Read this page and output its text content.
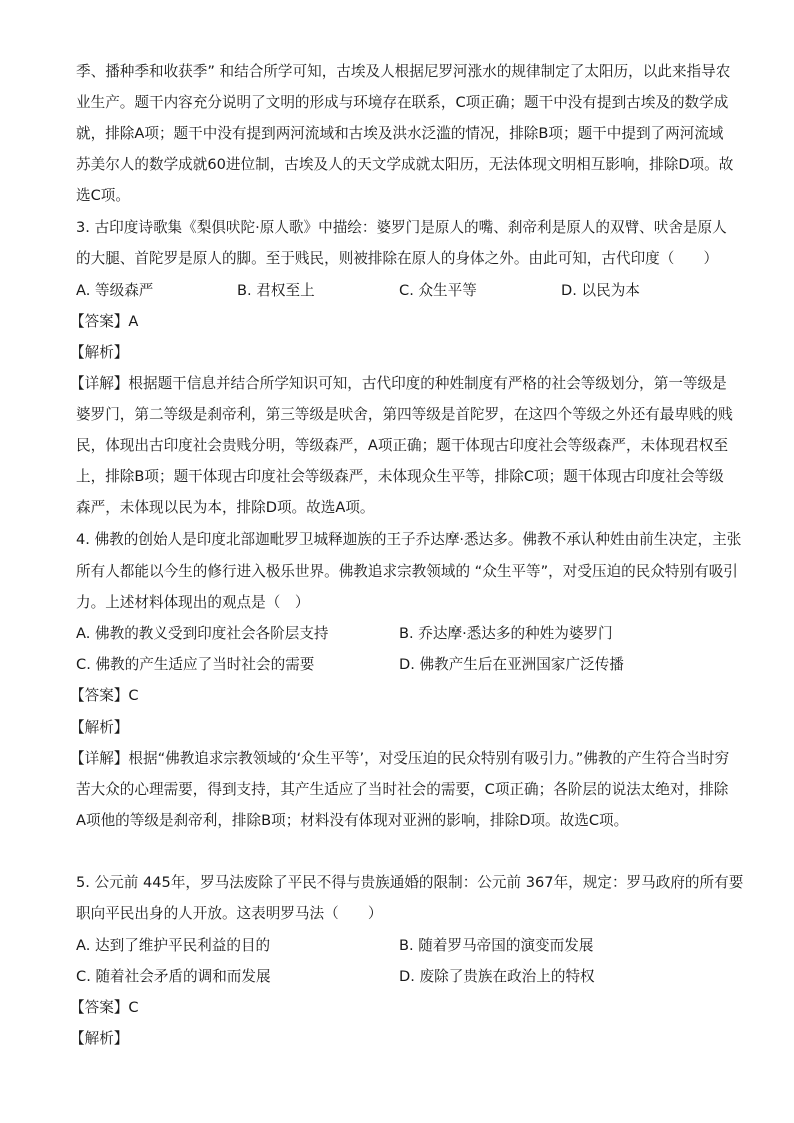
季、播种季和收获季” 和结合所学可知，古埃及人根据尼罗河涨水的规律制定了太阳历，以此来指导农
业生产。题干内容充分说明了文明的形成与环境存在联系，C项正确；题干中没有提到古埃及的数学成
就，排除A项；题干中没有提到两河流域和古埃及洪水泛滥的情况，排除B项；题干中提到了两河流域
苏美尔人的数学成就60进位制，古埃及人的天文学成就太阳历，无法体现文明相互影响，排除D项。故
选C项。
3. 古印度诗歌集《梨俱吠陀·原人歌》中描绘：婆罗门是原人的嘴、刹帝利是原人的双臂、吠舍是原人
的大腿、首陀罗是原人的脚。至于贱民，则被排除在原人的身体之外。由此可知，古代印度（　　）
A. 等级森严	B. 君权至上	C. 众生平等	D. 以民为本
【答案】A
【解析】
【详解】根据题干信息并结合所学知识可知，古代印度的种姓制度有严格的社会等级划分，第一等级是
婆罗门，第二等级是刹帝利，第三等级是吠舍，第四等级是首陀罗，在这四个等级之外还有最卑贱的贱
民，体现出古印度社会贵贱分明，等级森严，A项正确；题干体现古印度社会等级森严，未体现君权至
上，排除B项；题干体现古印度社会等级森严，未体现众生平等，排除C项；题干体现古印度社会等级
森严，未体现以民为本，排除D项。故选A项。
4. 佛教的创始人是印度北部迦毗罗卫城释迦族的王子乔达摩·悉达多。佛教不承认种姓由前生决定，主张
所有人都能以今生的修行进入极乐世界。佛教追求宗教领域的 “众生平等”，对受压迫的民众特别有吸引
力。上述材料体现出的观点是（　）
A. 佛教的教义受到印度社会各阶层支持	B. 乔达摩·悉达多的种姓为婆罗门
C. 佛教的产生适应了当时社会的需要	D. 佛教产生后在亚洲国家广泛传播
【答案】C
【解析】
【详解】根据“佛教追求宗教领域的‘众生平等’，对受压迫的民众特别有吸引力。”佛教的产生符合当时穷
苦大众的心理需要，得到支持，其产生适应了当时社会的需要，C项正确；各阶层的说法太绝对，排除
A项他的等级是刹帝利，排除B项；材料没有体现对亚洲的影响，排除D项。故选C项。
5. 公元前 445年，罗马法废除了平民不得与贵族通婚的限制：公元前 367年，规定：罗马政府的所有要
职向平民出身的人开放。这表明罗马法（　　）
A. 达到了维护平民利益的目的	B. 随着罗马帝国的演变而发展
C. 随着社会矛盾的调和而发展	D. 废除了贵族在政治上的特权
【答案】C
【解析】
